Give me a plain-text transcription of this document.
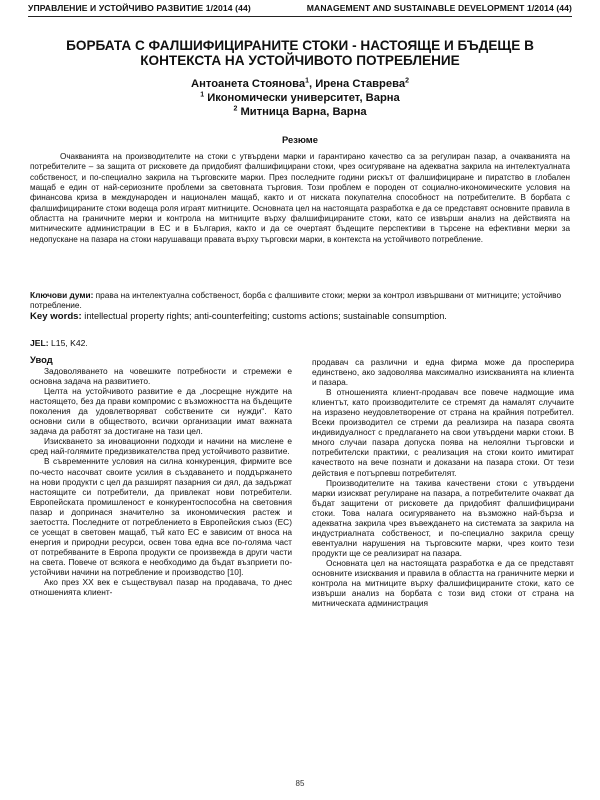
УПРАВЛЕНИЕ И УСТОЙЧИВО РАЗВИТИЕ 1/2014 (44)	MANAGEMENT AND SUSTAINABLE DEVELOPMENT 1/2014 (44)
БОРБАТА С ФАЛШИФИЦИРАНИТЕ СТОКИ - НАСТОЯЩЕ И БЪДЕЩЕ В
КОНТЕКСТА НА УСТОЙЧИВОТО ПОТРЕБЛЕНИЕ
Антоанета Стоянова$^1$, Ирена Ставрева$^2$
$^1$ Икономически университет, Варна
$^2$ Митница Варна, Варна
Резюме

Очакванията на производителите на стоки с утвърдени марки и гарантирано качество са за регулиран пазар, а очакванията на потребителите – за защита от рисковете да придобият фалшифицирани стоки, чрез осигуряване на адекватна закрила на интелектуалната собственост, и по-специално закрила на търговските марки. През последните години рискът от фалшифициране и пиратство в глобален мащаб е един от най-сериозните проблеми за световната търговия. Този проблем е породен от социално-икономическите условия на финансова криза в международен и национален мащаб, както и от ниската покупателна способност на потребителите. В борбата с фалшифицираните стоки водеща роля играят митниците. Основната цел на настоящата разработка е да се представят основните правила в областта на граничните мерки и контрола на митниците върху фалшифицираните стоки, като се извърши анализ на действията на митническите администрации в ЕС и в България, както и да се очертаят бъдещите перспективи в търсене на ефективни мерки за недопускане на пазара на стоки нарушаващи правата върху търговски марки, в контекста на устойчивото потребление.

Ключови думи: права на интелектуална собственост, борба с фалшивите стоки; мерки за контрол извършвани от митниците; устойчиво потребление.

Key words: intellectual property rights; anti-counterfeiting; customs actions; sustainable consumption.

JEL: L15, K42.
Увод

Задоволяването на човешките потребности и стремежи е основна задача на развитието.

Целта на устойчивото развитие е да „посрещне нуждите на настоящето, без да прави компромис с възможността на бъдещите поколения да удовлетворяват собствените си нужди“. Като основни сили в обществото, всички организации имат важната задача да работят за достигане на тази цел.

Изискването за иновационни подходи и начини на мислене е сред най-голямите предизвикателства пред устойчивото развитие.

В съвременните условия на силна конкуренция, фирмите все по-често насочват своите усилия в създаването и поддържането на нови продукти с цел да разширят пазарния си дял, да задържат настоящите си потребители, да привлекат нови потребители. Европейската промишленост е конкурентоспособна на световния пазар и допринася значително за икономическия растеж и заетостта. Последните от потреблението в Европейския съюз (ЕС) се усещат в световен мащаб, тъй като ЕС е зависим от вноса на енергия и природни ресурси, освен това една все по-голяма част от потребяваните в Европа продукти се произвежда в други части на света. Повече от всякога е необходимо да бъдат възприети по-устойчиви начини на потребление и производство [10].

Ако през XX век е съществувал пазар на продавача, то днес отношенията клиент-

продавач са различни и една фирма може да просперира единствено, ако задоволява максимално изискванията на клиента и пазара.

В отношенията клиент-продавач все повече надмощие има клиентът, като производителите се стремят да намалят случаите на изразено неудовлетворение от страна на крайния потребител. Всеки производител се стреми да реализира на пазара своята индивидуалност с предлагането на свои утвърдени марки стоки. В много случаи пазара допуска поява на нелоялни търговски и потребителски практики, с реализация на стоки които имитират качеството на вече познати и доказани на пазара стоки. От тези действия е потърпевш потребителят.

Производителите на такива качествени стоки с утвърдени марки изискват регулиране на пазара, а потребителите очакват да бъдат защитени от рисковете да придобият фалшифицирани стоки. Това налага осигуряването на възможно най-бърза и адекватна закрила чрез въвеждането на системата за закрила на индустриалната собственост, и по-специално закрила срещу евентуални нарушения на търговските марки, чрез които тези продукти ще се реализират на пазара.

Основната цел на настоящата разработка е да се представят основните изисквания и правила в областта на граничните мерки и контрола на митниците върху фалшифицираните стоки, като се извърши анализ на борбата с този вид стоки от страна на митническата администрация

85
